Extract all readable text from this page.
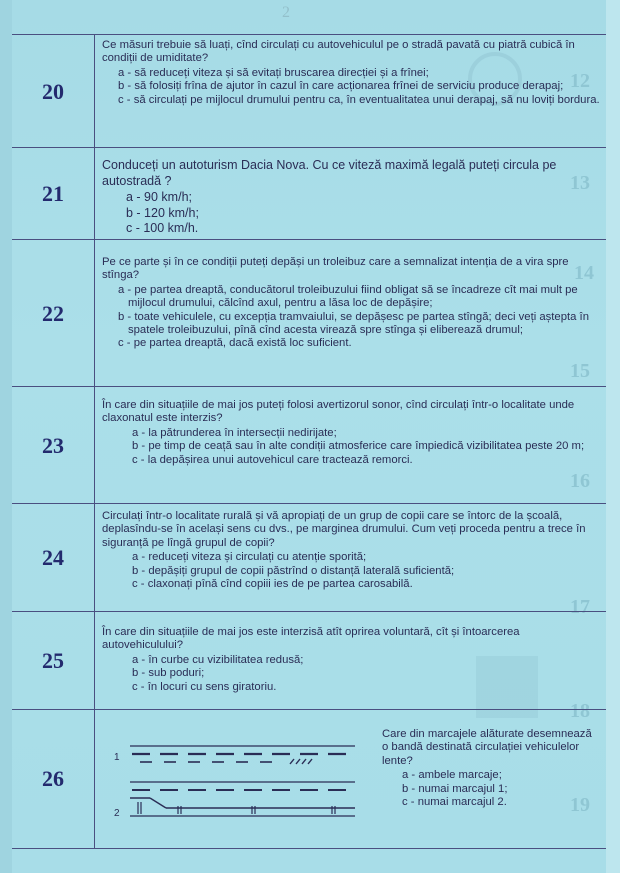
2
12
13
14
15
16
17
18
19
20

Ce măsuri trebuie să luați, cînd circulați cu autovehiculul pe o stradă pavată cu piatră cubică în condiții de umiditate?

a - să reduceți viteza și să evitați bruscarea direcției și a frînei;

b - să folosiți frîna de ajutor în cazul în care acționarea frînei de serviciu produce derapaj;

c - să circulați pe mijlocul drumului pentru ca, în eventualitatea unui derapaj, să nu loviți bordura.

21

Conduceți un autoturism Dacia Nova. Cu ce viteză maximă legală puteți circula pe autostradă ?

a - 90 km/h;

b - 120 km/h;

c - 100 km/h.

22

Pe ce parte și în ce condiții puteți depăși un troleibuz care a semnalizat intenția de a vira spre stînga?

a - pe partea dreaptă, conducătorul troleibuzului fiind obligat să se încadreze cît mai mult pe mijlocul drumului, călcînd axul, pentru a lăsa loc de depășire;

b - toate vehiculele, cu excepția tramvaiului, se depășesc pe partea stîngă; deci veți aștepta în spatele troleibuzului, pînă cînd acesta virează spre stînga și eliberează drumul;

c - pe partea dreaptă, dacă există loc suficient.

23

În care din situațiile de mai jos puteți folosi avertizorul sonor, cînd circulați într-o localitate unde claxonatul este interzis?

a - la pătrunderea în intersecții nedirijate;

b - pe timp de ceață sau în alte condiții atmosferice care împiedică vizibilitatea peste 20 m;

c - la depășirea unui autovehicul care tractează remorci.

24

Circulați într-o localitate rurală și vă apropiați de un grup de copii care se întorc de la școală, deplasîndu-se în același sens cu dvs., pe marginea drumului. Cum veți proceda pentru a trece în siguranță pe lîngă grupul de copii?

a - reduceți viteza și circulați cu atenție sporită;

b - depășiți grupul de copii păstrînd o distanță laterală suficientă;

c - claxonați pînă cînd copiii ies de pe partea carosabilă.

25

În care din situațiile de mai jos este interzisă atît oprirea voluntară, cît și întoarcerea autovehiculului?

a - în curbe cu vizibilitatea redusă;

b - sub poduri;

c - în locuri cu sens giratoriu.

26
1
2

Care din marcajele alăturate desemnează o bandă destinată circulației vehiculelor lente?

a - ambele marcaje;

b - numai marcajul 1;

c - numai marcajul 2.
